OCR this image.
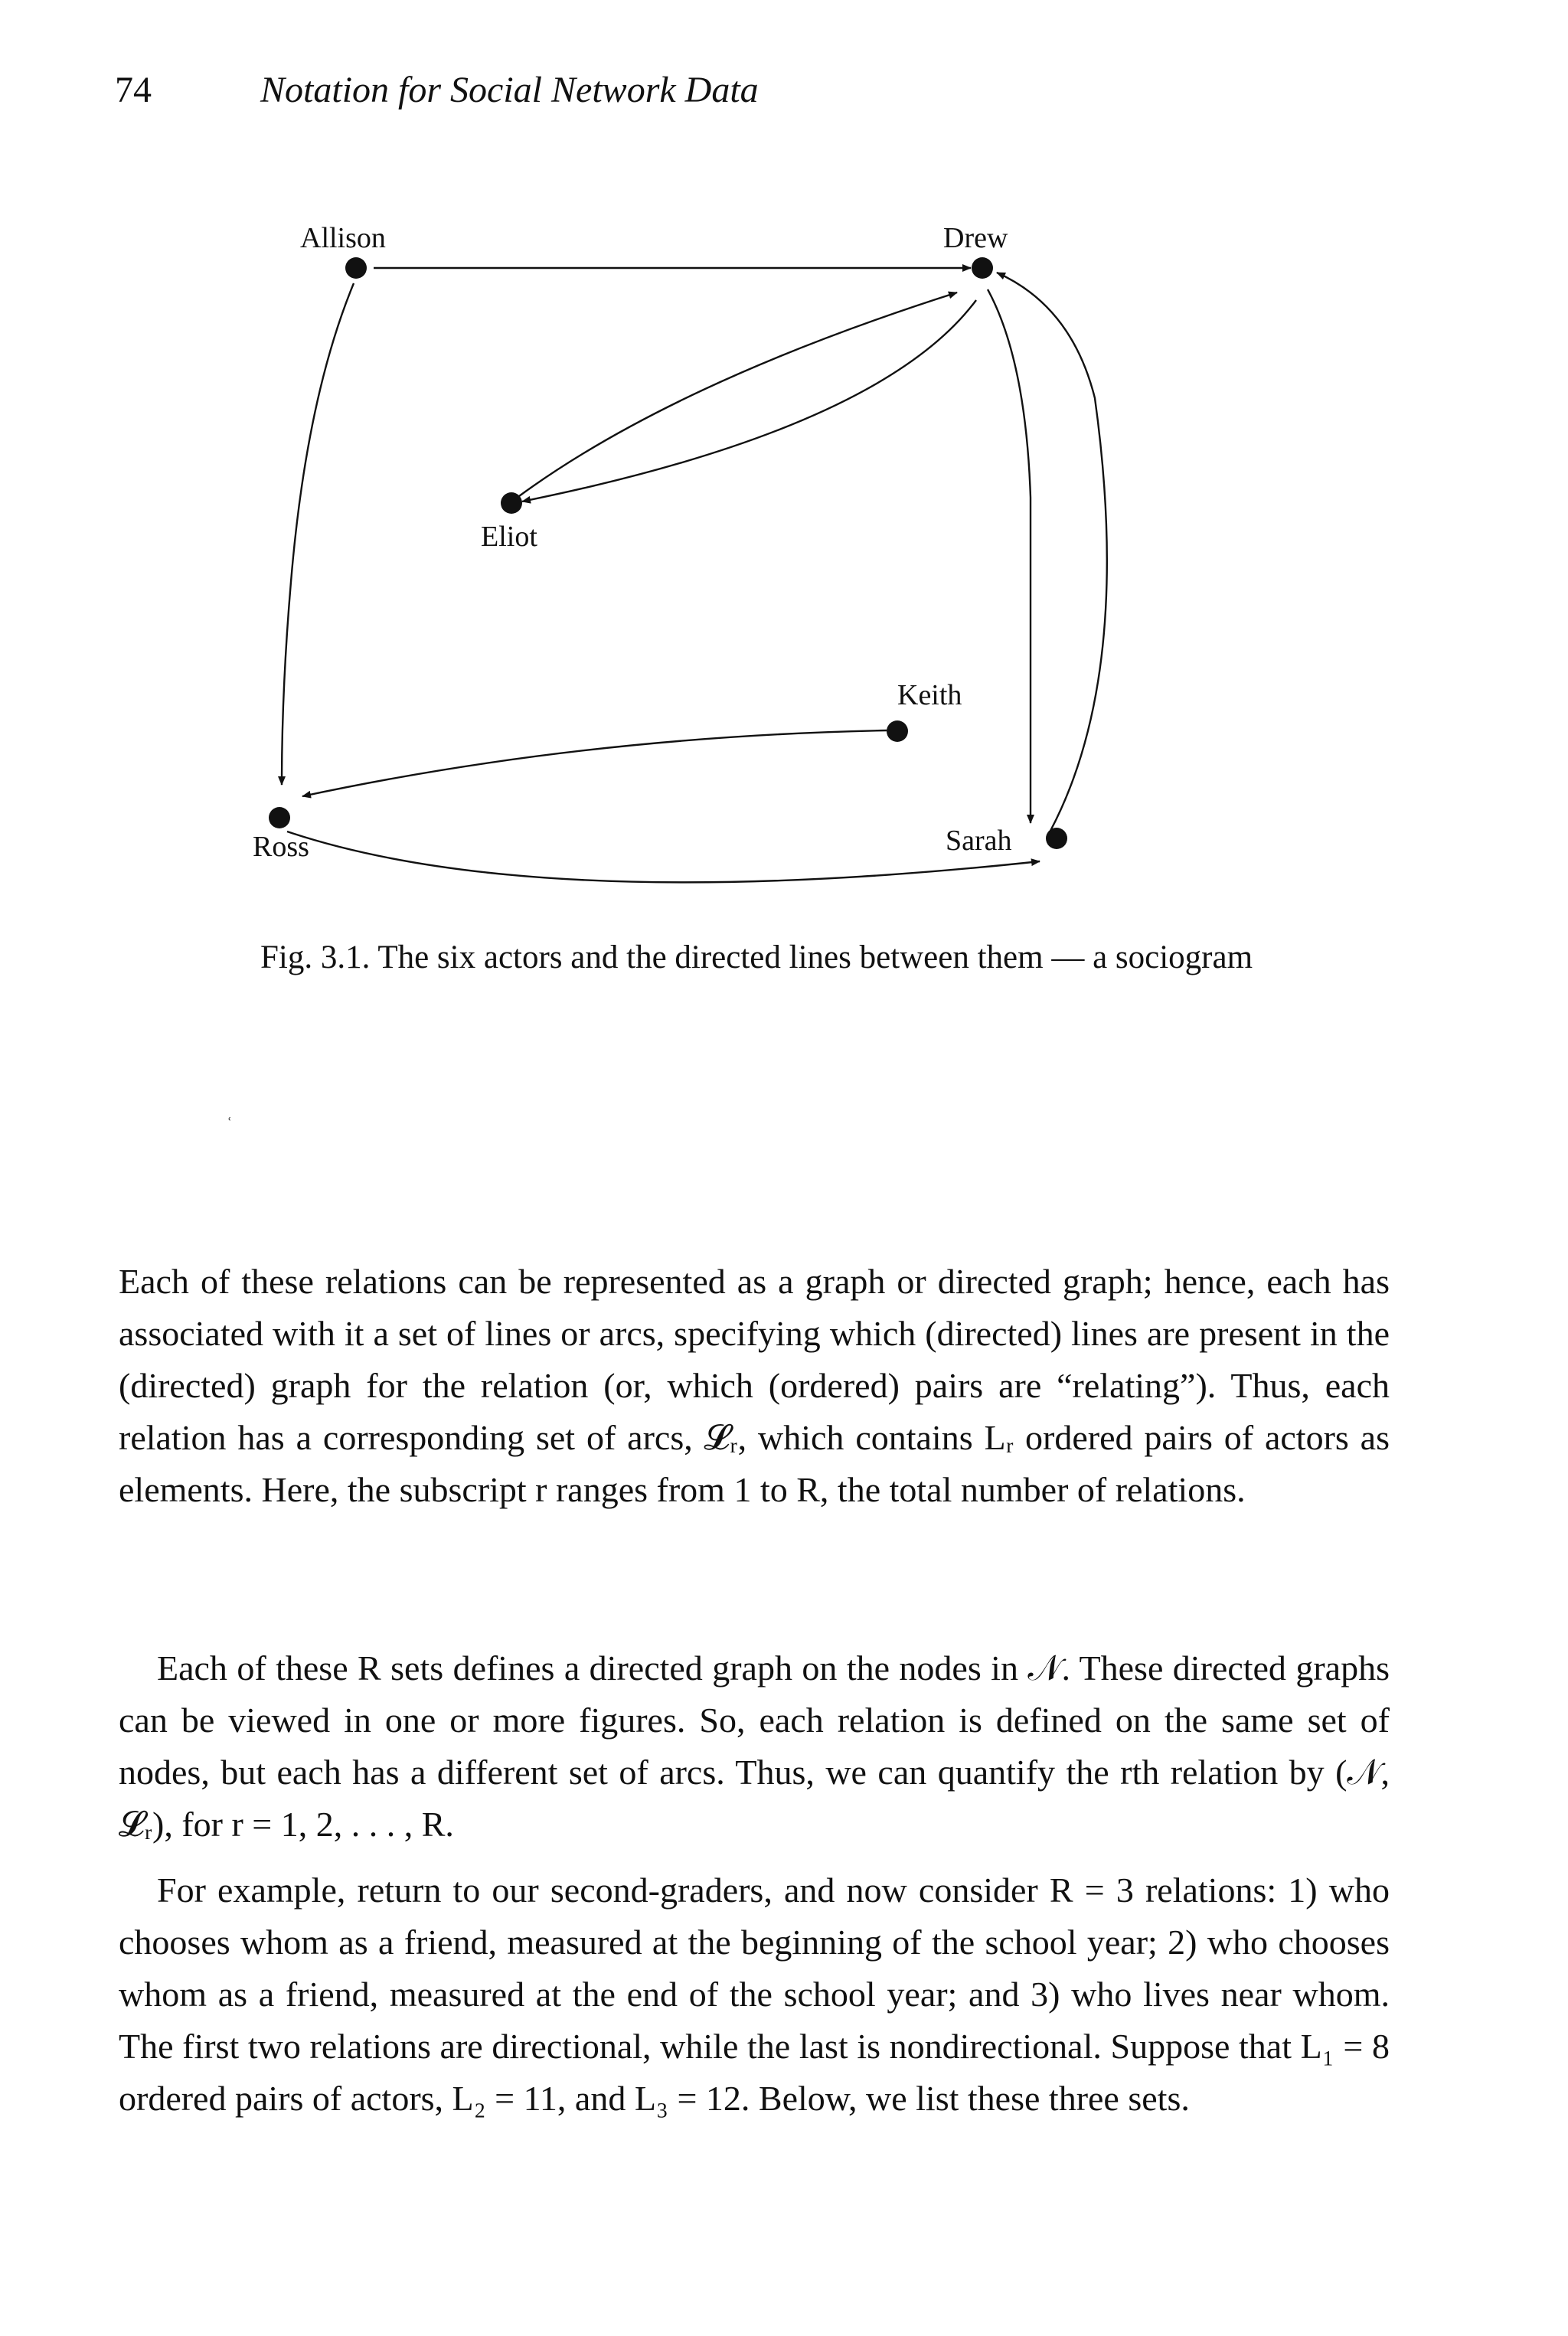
74	Notation for Social Network Data
Allison	Drew
Eliot
Keith
Ross	Sarah
Fig. 3.1. The six actors and the directed lines between them — a sociogram
ʿ

Each of these relations can be represented as a graph or directed graph; hence, each has associated with it a set of lines or arcs, specifying which (directed) lines are present in the (directed) graph for the relation (or, which (ordered) pairs are “relating”). Thus, each relation has a corresponding set of arcs, 𝓛ᵣ, which contains Lᵣ ordered pairs of actors as elements. Here, the subscript r ranges from 1 to R, the total number of relations.

Each of these R sets defines a directed graph on the nodes in 𝒩. These directed graphs can be viewed in one or more figures. So, each relation is defined on the same set of nodes, but each has a different set of arcs. Thus, we can quantify the rth relation by (𝒩, 𝓛ᵣ), for r = 1, 2, . . . , R.

For example, return to our second-graders, and now consider R = 3 relations: 1) who chooses whom as a friend, measured at the beginning of the school year; 2) who chooses whom as a friend, measured at the end of the school year; and 3) who lives near whom. The first two relations are directional, while the last is nondirectional. Suppose that L₁ = 8 ordered pairs of actors, L₂ = 11, and L₃ = 12. Below, we list these three sets.
